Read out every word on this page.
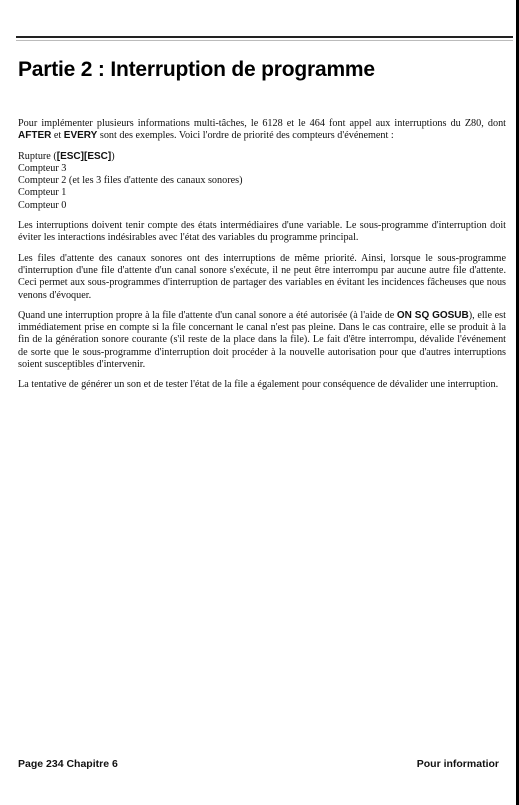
Partie 2 : Interruption de programme

Pour implémenter plusieurs informations multi-tâches, le 6128 et le 464 font appel aux interruptions du Z80, dont AFTER et EVERY sont des exemples. Voici l'ordre de priorité des compteurs d'événement :

Rupture ([ESC][ESC])
Compteur 3
Compteur 2 (et les 3 files d'attente des canaux sonores)
Compteur 1
Compteur 0

Les interruptions doivent tenir compte des états intermédiaires d'une variable. Le sous-programme d'interruption doit éviter les interactions indésirables avec l'état des variables du programme principal.

Les files d'attente des canaux sonores ont des interruptions de même priorité. Ainsi, lorsque le sous-programme d'interruption d'une file d'attente d'un canal sonore s'exécute, il ne peut être interrompu par aucune autre file d'attente. Ceci permet aux sous-programmes d'interruption de partager des variables en évitant les incidences fâcheuses que nous venons d'évoquer.

Quand une interruption propre à la file d'attente d'un canal sonore a été autorisée (à l'aide de ON SQ GOSUB), elle est immédiatement prise en compte si la file concernant le canal n'est pas pleine. Dans le cas contraire, elle se produit à la fin de la génération sonore courante (s'il reste de la place dans la file). Le fait d'être interrompu, dévalide l'événement de sorte que le sous-programme d'interruption doit procéder à la nouvelle autorisation pour que d'autres interruptions soient susceptibles d'intervenir.

La tentative de générer un son et de tester l'état de la file a également pour conséquence de dévalider une interruption.

Page 234 Chapitre 6	Pour informatior
